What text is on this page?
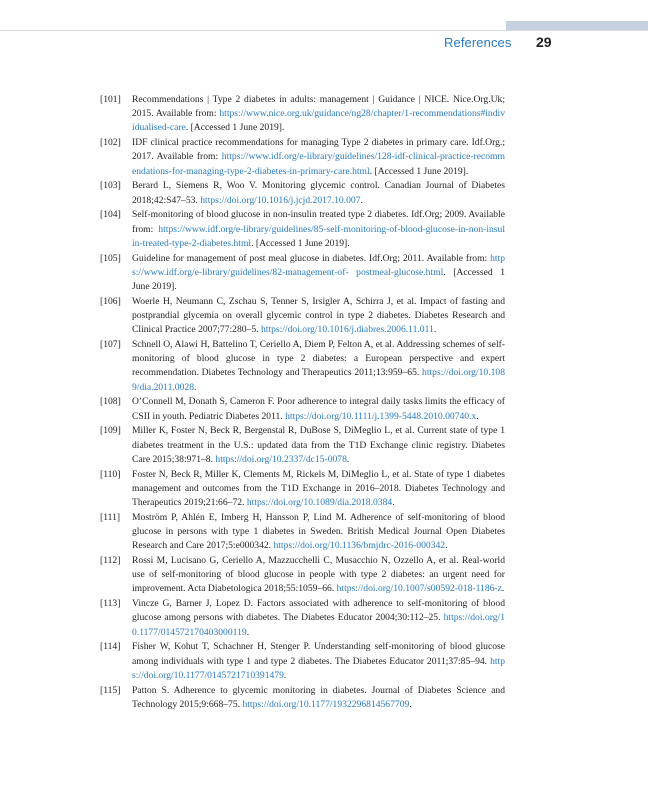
References 29
[101] Recommendations | Type 2 diabetes in adults: management | Guidance | NICE. Nice.Org.Uk; 2015. Available from: https://www.nice.org.uk/guidance/ng28/chapter/1-recommendations#individualised-care. [Accessed 1 June 2019].
[102] IDF clinical practice recommendations for managing Type 2 diabetes in primary care. Idf.Org.; 2017. Available from: https://www.idf.org/e-library/guidelines/128-idf-clinical-practice-recommendations-for-managing-type-2-diabetes-in-primary-care.html. [Accessed 1 June 2019].
[103] Berard L, Siemens R, Woo V. Monitoring glycemic control. Canadian Journal of Diabetes 2018;42:S47–53. https://doi.org/10.1016/j.jcjd.2017.10.007.
[104] Self-monitoring of blood glucose in non-insulin treated type 2 diabetes. Idf.Org; 2009. Available from: https://www.idf.org/e-library/guidelines/85-self-monitoring-of-blood-glucose-in-non-insulin-treated-type-2-diabetes.html. [Accessed 1 June 2019].
[105] Guideline for management of post meal glucose in diabetes. Idf.Org; 2011. Available from: https://www.idf.org/e-library/guidelines/82-management-of- postmeal-glucose.html. [Accessed 1 June 2019].
[106] Woerle H, Neumann C, Zschau S, Tenner S, Irsigler A, Schirra J, et al. Impact of fasting and postprandial glycemia on overall glycemic control in type 2 diabetes. Diabetes Research and Clinical Practice 2007;77:280–5. https://doi.org/10.1016/j.diabres.2006.11.011.
[107] Schnell O, Alawi H, Battelino T, Ceriello A, Diem P, Felton A, et al. Addressing schemes of self-monitoring of blood glucose in type 2 diabetes: a European perspective and expert recommendation. Diabetes Technology and Therapeutics 2011;13:959–65. https://doi.org/10.1089/dia.2011.0028.
[108] O’Connell M, Donath S, Cameron F. Poor adherence to integral daily tasks limits the efficacy of CSII in youth. Pediatric Diabetes 2011. https://doi.org/10.1111/j.1399-5448.2010.00740.x.
[109] Miller K, Foster N, Beck R, Bergenstal R, DuBose S, DiMeglio L, et al. Current state of type 1 diabetes treatment in the U.S.: updated data from the T1D Exchange clinic registry. Diabetes Care 2015;38:971–8. https://doi.org/10.2337/dc15-0078.
[110] Foster N, Beck R, Miller K, Clements M, Rickels M, DiMeglio L, et al. State of type 1 diabetes management and outcomes from the T1D Exchange in 2016–2018. Diabetes Technology and Therapeutics 2019;21:66–72. https://doi.org/10.1089/dia.2018.0384.
[111] Moström P, Ahlén E, Imberg H, Hansson P, Lind M. Adherence of self-monitoring of blood glucose in persons with type 1 diabetes in Sweden. British Medical Journal Open Diabetes Research and Care 2017;5:e000342. https://doi.org/10.1136/bmjdrc-2016-000342.
[112] Rossi M, Lucisano G, Ceriello A, Mazzucchelli C, Musacchio N, Ozzello A, et al. Real-world use of self-monitoring of blood glucose in people with type 2 diabetes: an urgent need for improvement. Acta Diabetologica 2018;55:1059–66. https://doi.org/10.1007/s00592-018-1186-z.
[113] Vincze G, Barner J, Lopez D. Factors associated with adherence to self-monitoring of blood glucose among persons with diabetes. The Diabetes Educator 2004;30:112–25. https://doi.org/10.1177/014572170403000119.
[114] Fisher W, Kohut T, Schachner H, Stenger P. Understanding self-monitoring of blood glucose among individuals with type 1 and type 2 diabetes. The Diabetes Educator 2011;37:85–94. https://doi.org/10.1177/0145721710391479.
[115] Patton S. Adherence to glycemic monitoring in diabetes. Journal of Diabetes Science and Technology 2015;9:668–75. https://doi.org/10.1177/1932296814567709.
